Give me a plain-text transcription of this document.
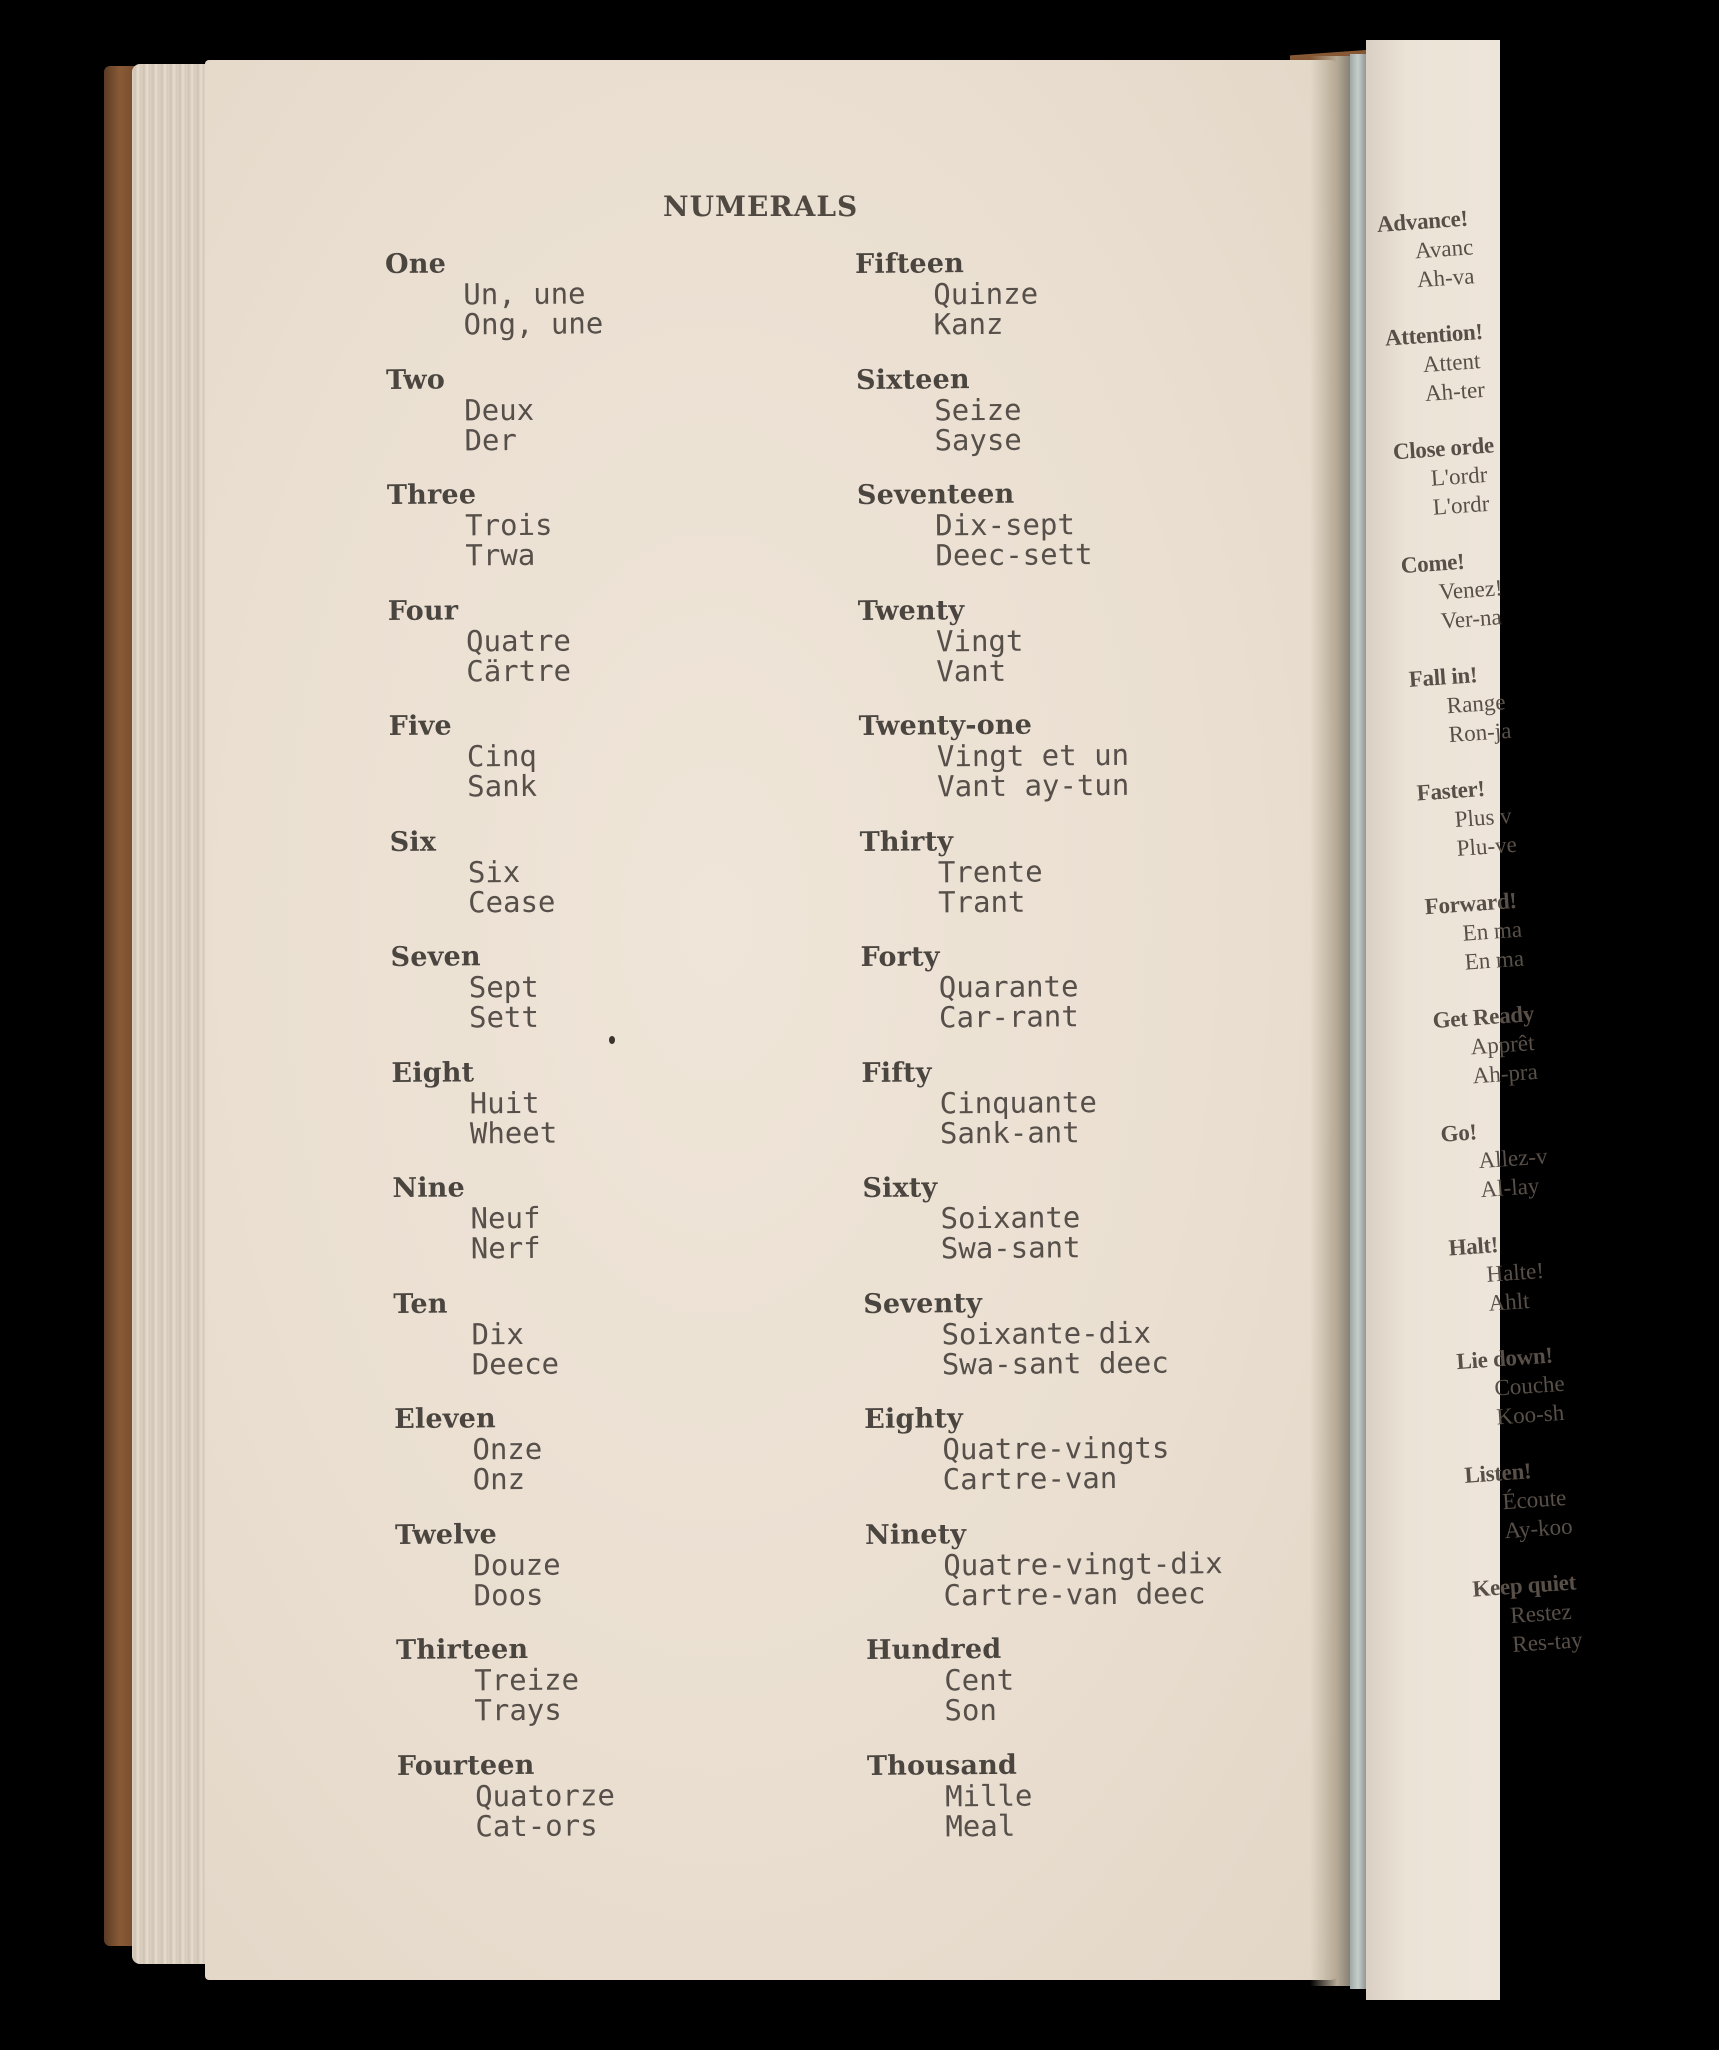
NUMERALS
One
Un, une
Ong, une
Two
Deux
Der
Three
Trois
Trwa
Four
Quatre
Cärtre
Five
Cinq
Sank
Six
Six
Cease
Seven
Sept
Sett
Eight
Huit
Wheet
Nine
Neuf
Nerf
Ten
Dix
Deece
Eleven
Onze
Onz
Twelve
Douze
Doos
Thirteen
Treize
Trays
Fourteen
Quatorze
Cat-ors
Fifteen
Quinze
Kanz
Sixteen
Seize
Sayse
Seventeen
Dix-sept
Deec-sett
Twenty
Vingt
Vant
Twenty-one
Vingt et un
Vant ay-tun
Thirty
Trente
Trant
Forty
Quarante
Car-rant
Fifty
Cinquante
Sank-ant
Sixty
Soixante
Swa-sant
Seventy
Soixante-dix
Swa-sant deec
Eighty
Quatre-vingts
Cartre-van
Ninety
Quatre-vingt-dix
Cartre-van deec
Hundred
Cent
Son
Thousand
Mille
Meal
Advance!
Avanc
Ah-va
Attention!
Attent
Ah-ter
Close orde
L'ordr
L'ordr
Come!
Venez!
Ver-na
Fall in!
Range
Ron-ja
Faster!
Plus v
Plu-ve
Forward!
En ma
En ma
Get Ready
Apprêt
Ah-pra
Go!
Allez-v
Al-lay
Halt!
Halte!
Ahlt
Lie down!
Couche
Koo-sh
Listen!
Écoute
Ay-koo
Keep quiet
Restez
Res-tay
